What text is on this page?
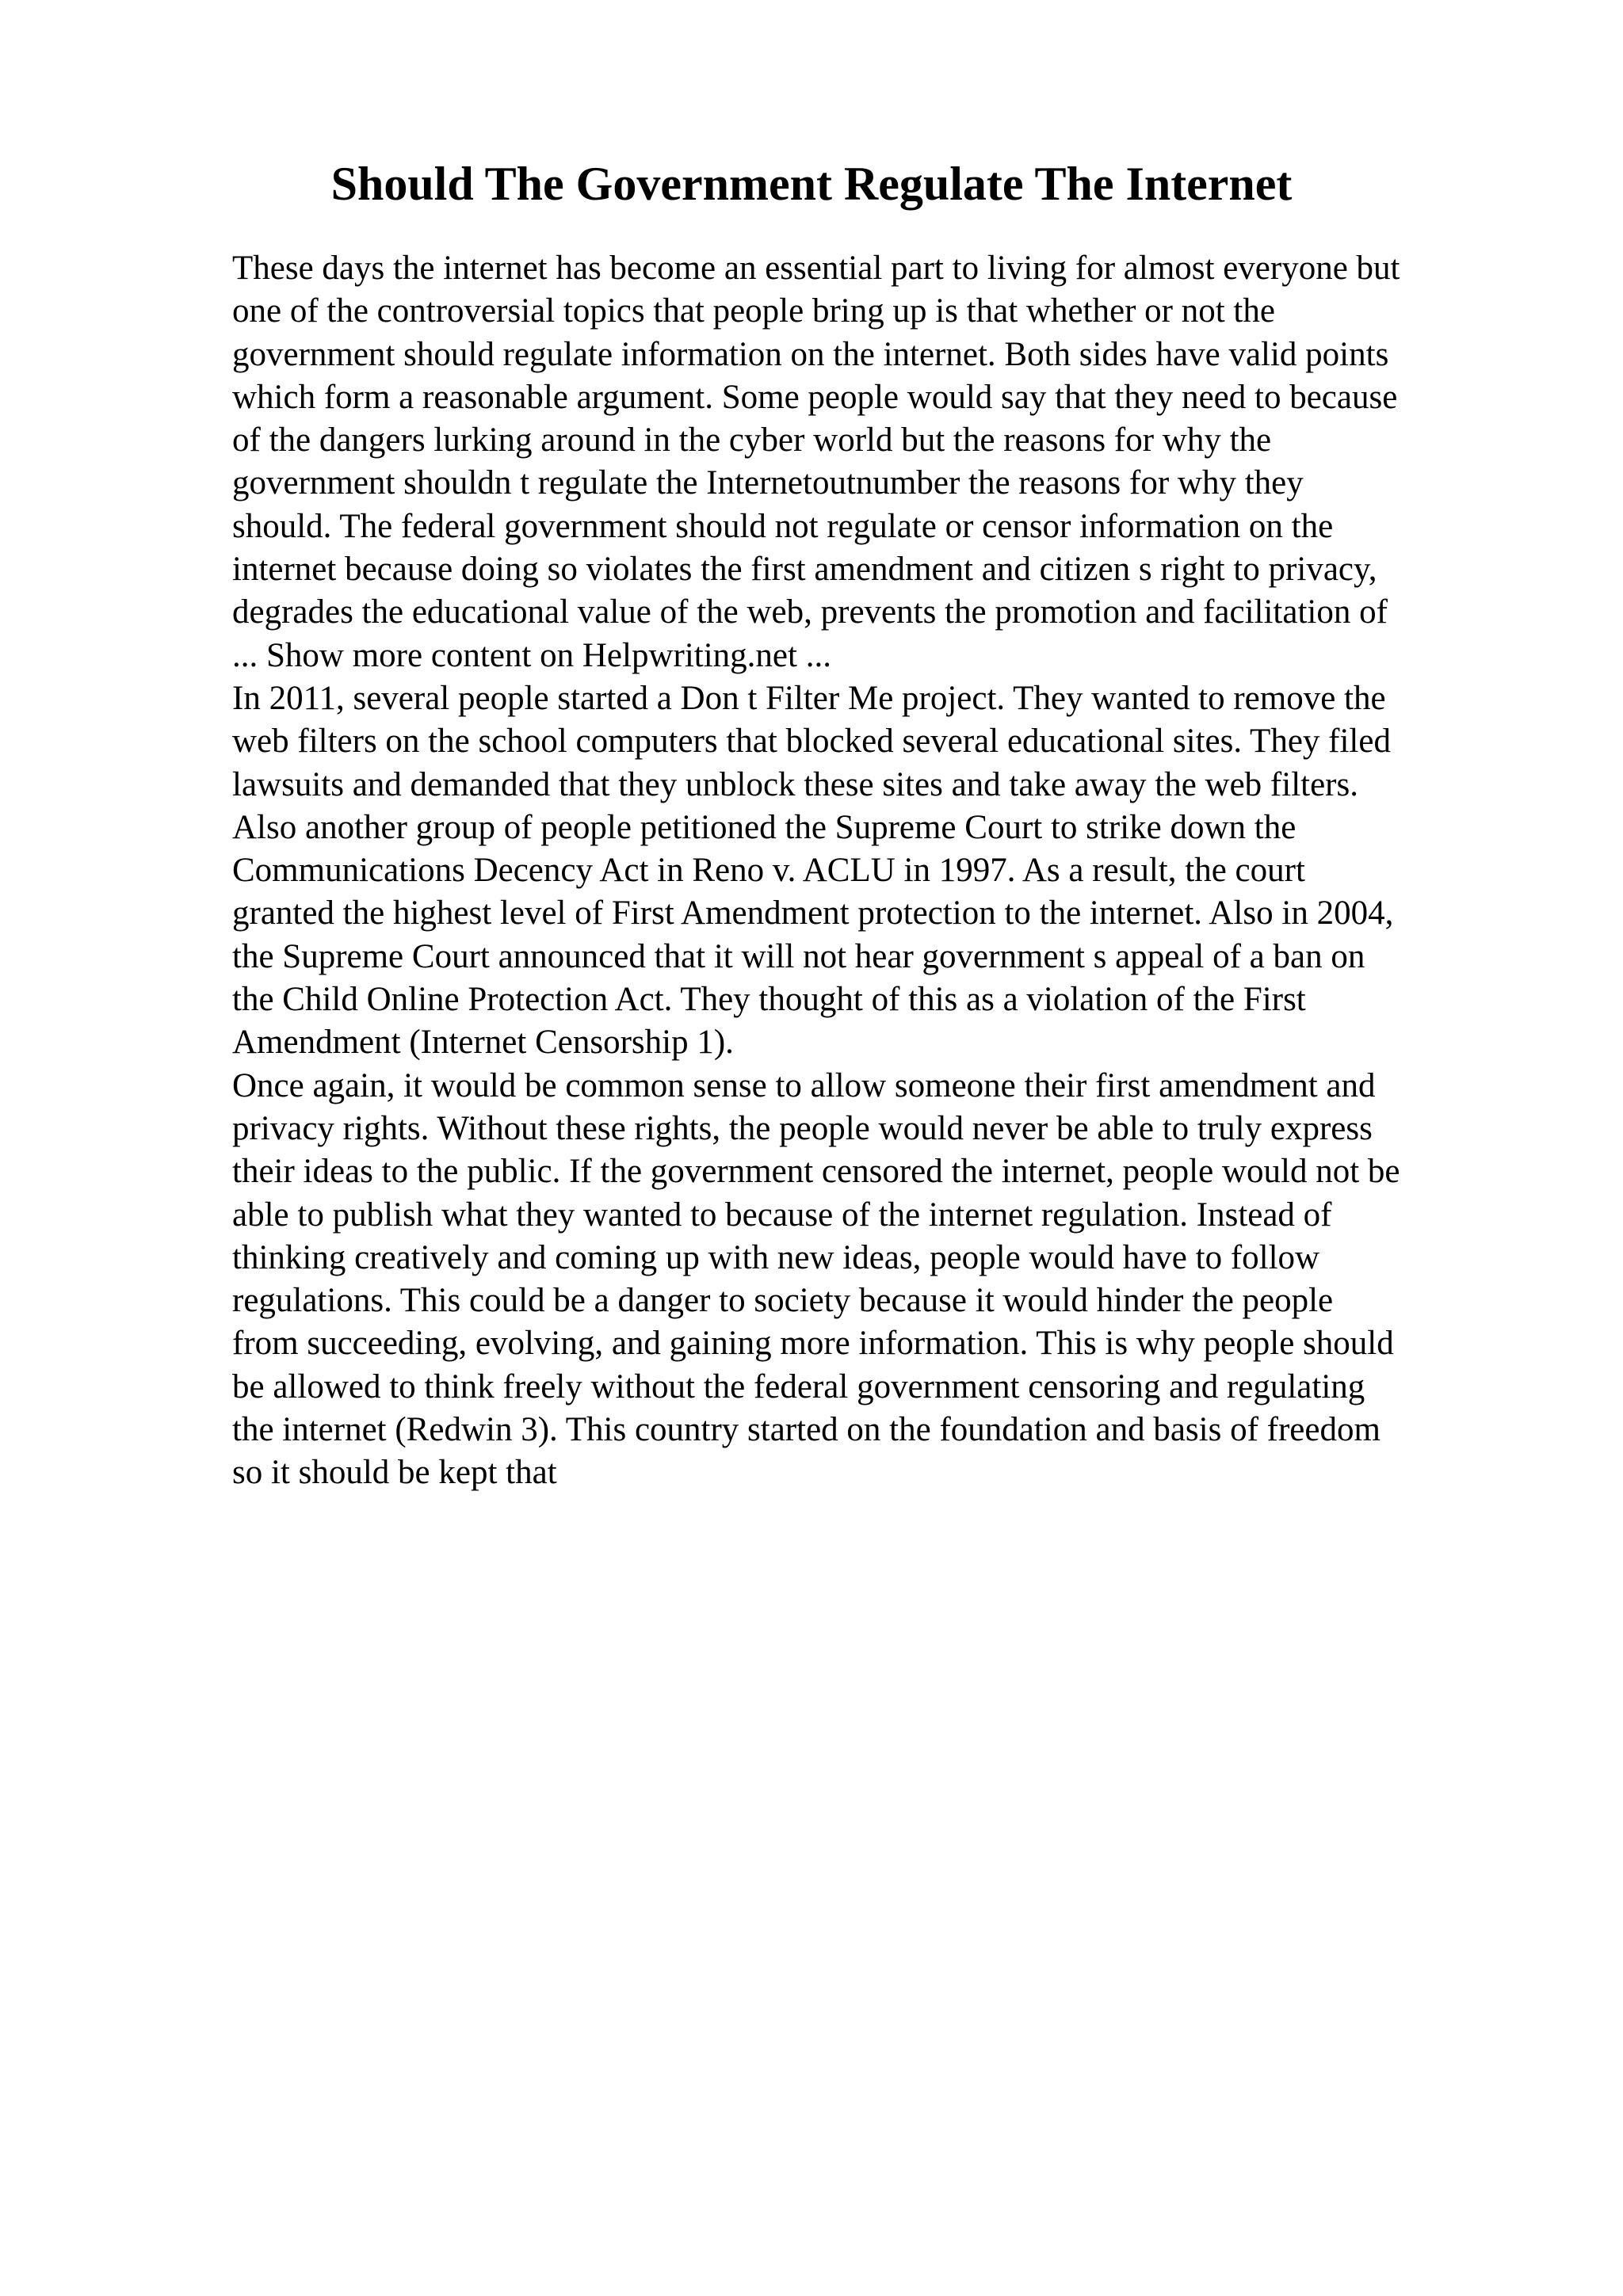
Should The Government Regulate The Internet
These days the internet has become an essential part to living for almost everyone but
one of the controversial topics that people bring up is that whether or not the
government should regulate information on the internet. Both sides have valid points
which form a reasonable argument. Some people would say that they need to because
of the dangers lurking around in the cyber world but the reasons for why the
government shouldn t regulate the Internetoutnumber the reasons for why they
should. The federal government should not regulate or censor information on the
internet because doing so violates the first amendment and citizen s right to privacy,
degrades the educational value of the web, prevents the promotion and facilitation of
... Show more content on Helpwriting.net ...
In 2011, several people started a Don t Filter Me project. They wanted to remove the
web filters on the school computers that blocked several educational sites. They filed
lawsuits and demanded that they unblock these sites and take away the web filters.
Also another group of people petitioned the Supreme Court to strike down the
Communications Decency Act in Reno v. ACLU in 1997. As a result, the court
granted the highest level of First Amendment protection to the internet. Also in 2004,
the Supreme Court announced that it will not hear government s appeal of a ban on
the Child Online Protection Act. They thought of this as a violation of the First
Amendment (Internet Censorship 1).
Once again, it would be common sense to allow someone their first amendment and
privacy rights. Without these rights, the people would never be able to truly express
their ideas to the public. If the government censored the internet, people would not be
able to publish what they wanted to because of the internet regulation. Instead of
thinking creatively and coming up with new ideas, people would have to follow
regulations. This could be a danger to society because it would hinder the people
from succeeding, evolving, and gaining more information. This is why people should
be allowed to think freely without the federal government censoring and regulating
the internet (Redwin 3). This country started on the foundation and basis of freedom
so it should be kept that
